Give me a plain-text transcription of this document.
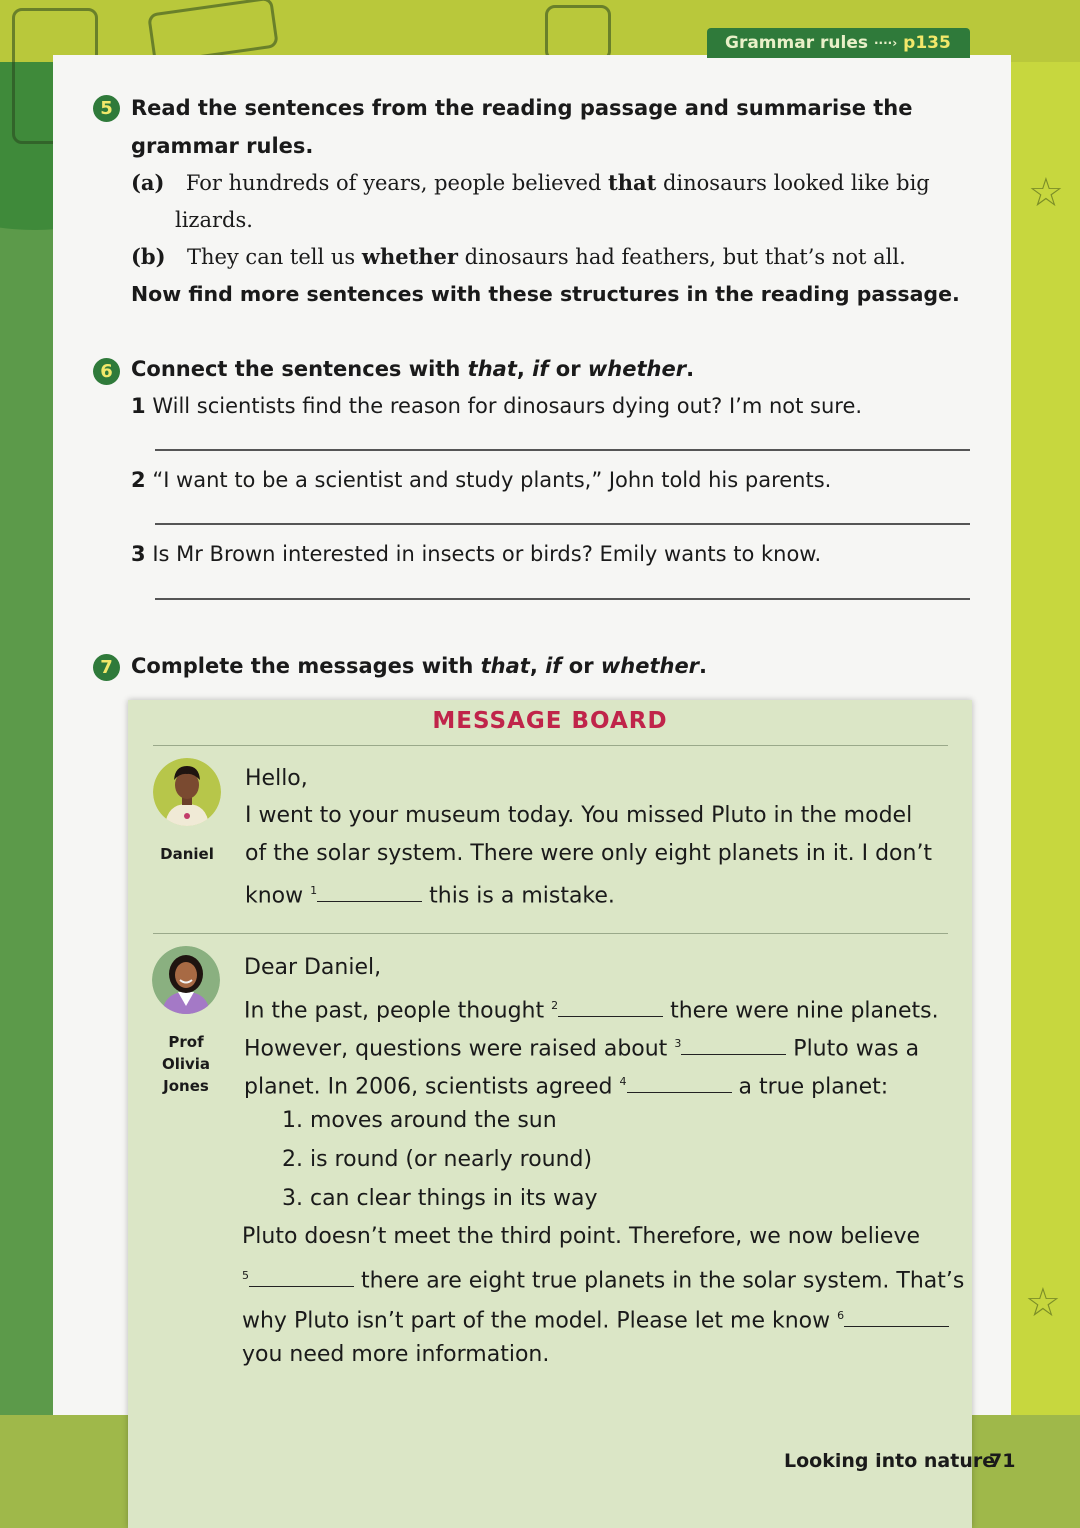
☆
☆
Grammar rules ····› p135
5 Read the sentences from the reading passage and summarise the
grammar rules.
(a) For hundreds of years, people believed that dinosaurs looked like big
lizards.
(b) They can tell us whether dinosaurs had feathers, but that’s not all.
Now find more sentences with these structures in the reading passage.
6 Connect the sentences with that, if or whether.
1 Will scientists find the reason for dinosaurs dying out? I’m not sure.
2 “I want to be a scientist and study plants,” John told his parents.
3 Is Mr Brown interested in insects or birds? Emily wants to know.
7 Complete the messages with that, if or whether.
MESSAGE BOARD
Daniel
Hello,
I went to your museum today. You missed Pluto in the model
of the solar system. There were only eight planets in it. I don’t
know $^1$	this is a mistake.
Prof
Olivia
Jones
Dear Daniel,
In the past, people thought $^2$	there were nine planets.
However, questions were raised about $^3$	Pluto was a
planet. In 2006, scientists agreed $^4$	a true planet:
1. moves around the sun
2. is round (or nearly round)
3. can clear things in its way
Pluto doesn’t meet the third point. Therefore, we now believe
$^5$	there are eight true planets in the solar system. That’s
why Pluto isn’t part of the model. Please let me know $^6$
you need more information.
Looking into nature
71
